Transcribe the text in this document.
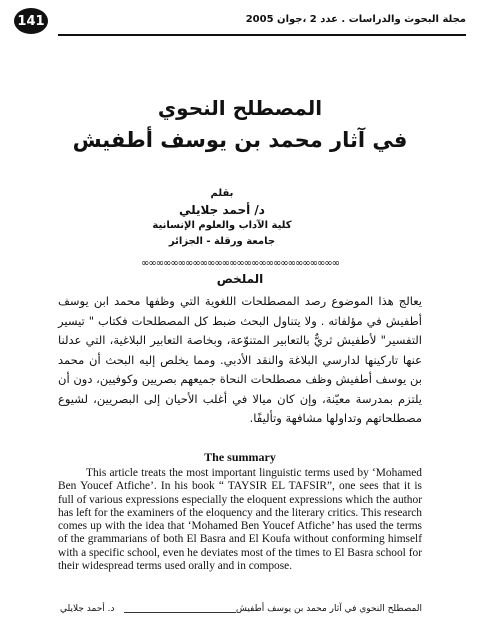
141	مجلة البحوث والدراسات . عدد 2 ،جوان 2005
المصطلح النحوي
في آثار محمد بن يوسف أطفيش
بقلم
د/ أحمد جلايلي
كلية الآداب والعلوم الإنسانية
جامعة ورقلة - الجزائر
∞∞∞∞∞∞∞∞∞∞∞∞∞∞∞∞∞∞∞∞∞∞∞∞∞∞∞
الملخص
يعالج هذا الموضوع رصد المصطلحات اللغوية التي وظفها محمد ابن يوسف أطفيش في مؤلفاته . ولا يتناول البحث ضبط كل المصطلحات فكتاب " تيسير التفسير" لأطفيش ثريٌّ بالتعابير المتنوّعة، وبخاصة التعابير البلاغية، التي عدلنا عنها تاركينها لدارسي البلاغة والنقد الأدبي. ومما يخلص إليه البحث أن محمد بن يوسف أطفيش وظف مصطلحات النحاة جميعهم بصريين وكوفيين، دون أن يلتزم بمدرسة معيّنة، وإن كان ميالا في أغلب الأحيان إلى البصريين، لشيوع مصطلحاتهم وتداولها مشافهة وتأليفًا.
The summary
This article treats the most important linguistic terms used by ‘Mohamed Ben Youcef Atfiche’. In his book “ TAYSIR EL TAFSIR”, one sees that it is full of various expressions especially the eloquent expressions which the author has left for the examiners of the eloquency and the literary critics. This research comes up with the idea that ‘Mohamed Ben Youcef Atfiche’ has used the terms of the grammarians of both El Basra and El Koufa without conforming himself with a specific school, even he deviates most of the times to El Basra school for their widespread terms used orally and in compose.
المصطلح النحوي في آثار محمد بن يوسف أطفيش
د. أحمد جلايلي
